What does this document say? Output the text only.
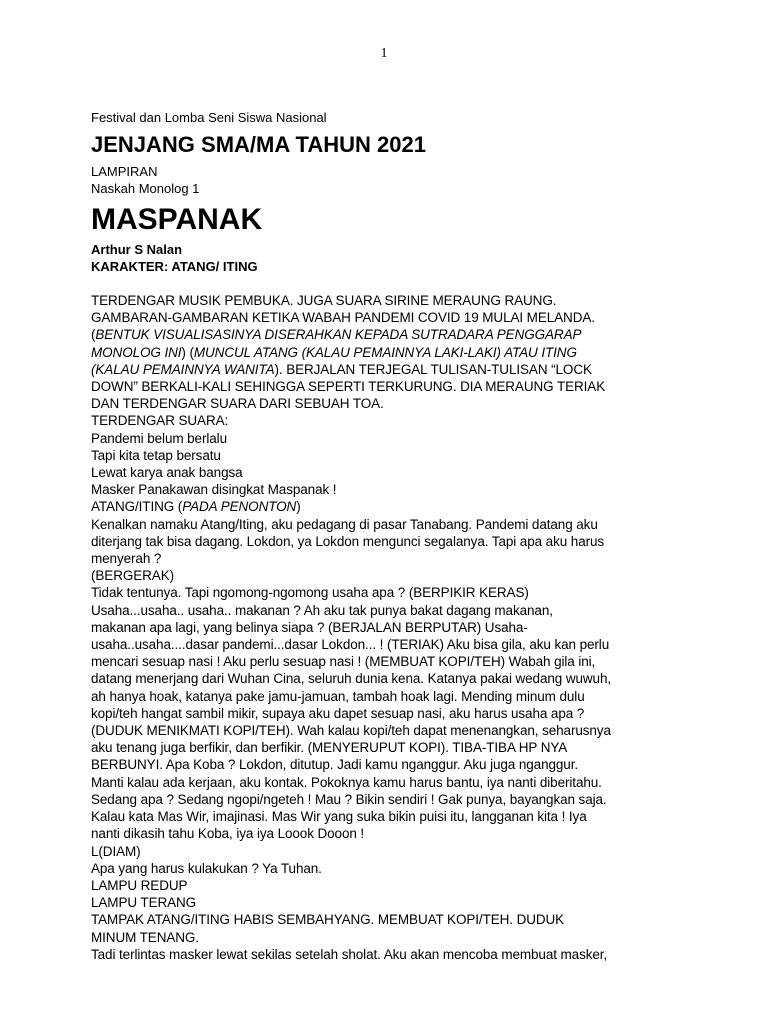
1
Festival dan Lomba Seni Siswa Nasional
JENJANG SMA/MA TAHUN 2021
LAMPIRAN
Naskah Monolog 1
MASPANAK
Arthur S Nalan
KARAKTER: ATANG/ ITING

TERDENGAR MUSIK PEMBUKA. JUGA SUARA SIRINE MERAUNG RAUNG.

GAMBARAN-GAMBARAN KETIKA WABAH PANDEMI COVID 19 MULAI MELANDA. (BENTUK VISUALISASINYA DISERAHKAN KEPADA SUTRADARA PENGGARAP MONOLOG INI) (MUNCUL ATANG (KALAU PEMAINNYA LAKI-LAKI) ATAU ITING (KALAU PEMAINNYA WANITA). BERJALAN TERJEGAL TULISAN-TULISAN “LOCK DOWN” BERKALI-KALI SEHINGGA SEPERTI TERKURUNG. DIA MERAUNG TERIAK DAN TERDENGAR SUARA DARI SEBUAH TOA.

TERDENGAR SUARA:

Pandemi belum berlalu

Tapi kita tetap bersatu

Lewat karya anak bangsa

Masker Panakawan disingkat Maspanak !

ATANG/ITING (PADA PENONTON)

Kenalkan namaku Atang/Iting, aku pedagang di pasar Tanabang. Pandemi datang aku diterjang tak bisa dagang. Lokdon, ya Lokdon mengunci segalanya. Tapi apa aku harus menyerah ?

(BERGERAK)

Tidak tentunya. Tapi ngomong-ngomong usaha apa ? (BERPIKIR KERAS) Usaha...usaha.. usaha.. makanan ? Ah aku tak punya bakat dagang makanan, makanan apa lagi, yang belinya siapa ? (BERJALAN BERPUTAR) Usaha-usaha..usaha....dasar pandemi...dasar Lokdon... ! (TERIAK) Aku bisa gila, aku kan perlu mencari sesuap nasi ! Aku perlu sesuap nasi ! (MEMBUAT KOPI/TEH) Wabah gila ini, datang menerjang dari Wuhan Cina, seluruh dunia kena. Katanya pakai wedang wuwuh, ah hanya hoak, katanya pake jamu-jamuan, tambah hoak lagi. Mending minum dulu kopi/teh hangat sambil mikir, supaya aku dapet sesuap nasi, aku harus usaha apa ? (DUDUK MENIKMATI KOPI/TEH). Wah kalau kopi/teh dapat menenangkan, seharusnya aku tenang juga berfikir, dan berfikir. (MENYERUPUT KOPI). TIBA-TIBA HP NYA BERBUNYI. Apa Koba ? Lokdon, ditutup. Jadi kamu nganggur. Aku juga nganggur. Manti kalau ada kerjaan, aku kontak. Pokoknya kamu harus bantu, iya nanti diberitahu. Sedang apa ? Sedang ngopi/ngeteh ! Mau ? Bikin sendiri ! Gak punya, bayangkan saja. Kalau kata Mas Wir, imajinasi. Mas Wir yang suka bikin puisi itu, langganan kita ! Iya nanti dikasih tahu Koba, iya iya Loook Dooon !

L(DIAM)

Apa yang harus kulakukan ? Ya Tuhan.

LAMPU REDUP

LAMPU TERANG

TAMPAK ATANG/ITING HABIS SEMBAHYANG. MEMBUAT KOPI/TEH. DUDUK MINUM TENANG.

Tadi terlintas masker lewat sekilas setelah sholat. Aku akan mencoba membuat masker,
